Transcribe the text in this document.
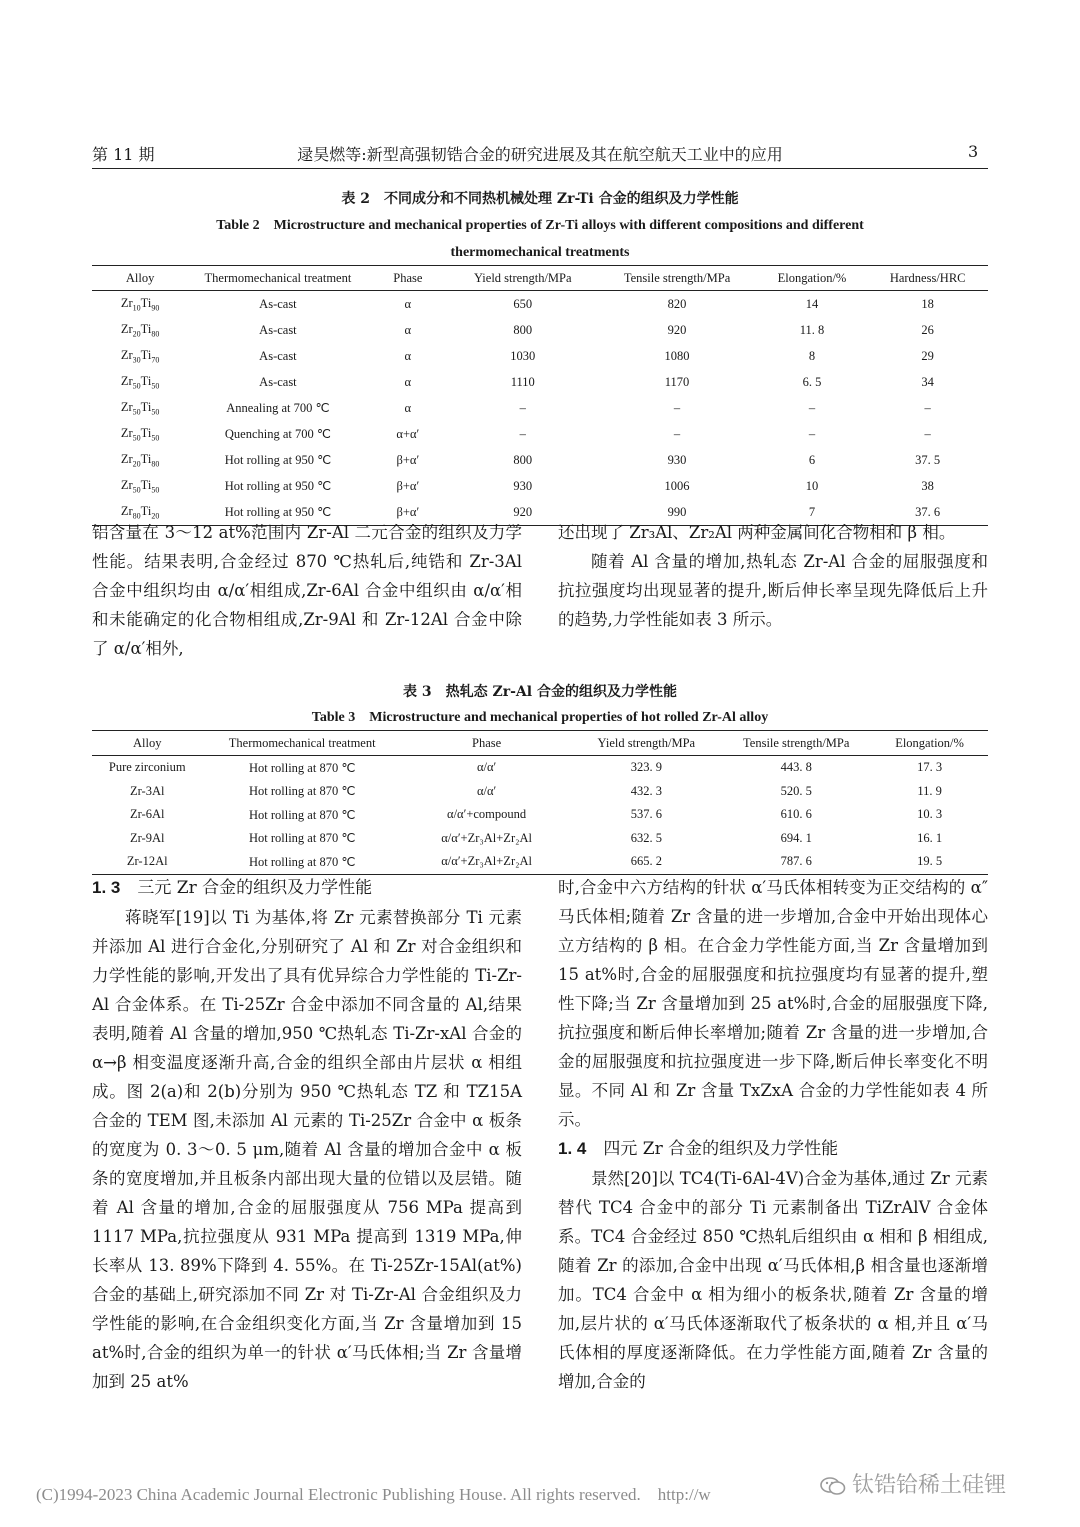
第 11 期	逯昊燃等:新型高强韧锆合金的研究进展及其在航空航天工业中的应用	3
表 2　不同成分和不同热机械处理 Zr-Ti 合金的组织及力学性能
Table 2　Microstructure and mechanical properties of Zr-Ti alloys with different compositions and different
thermomechanical treatments
Alloy	Thermomechanical treatment	Phase	Yield strength/MPa	Tensile strength/MPa	Elongation/%	Hardness/HRC
$Zr_{10}Ti_{90}$	As-cast	α	650	820	14	18
$Zr_{20}Ti_{80}$	As-cast	α	800	920	11. 8	26
$Zr_{30}Ti_{70}$	As-cast	α	1030	1080	8	29
$Zr_{50}Ti_{50}$	As-cast	α	1110	1170	6. 5	34
$Zr_{50}Ti_{50}$	Annealing at 700 ℃	α	–	–	–	–
$Zr_{50}Ti_{50}$	Quenching at 700 ℃	α+α′	–	–	–	–
$Zr_{20}Ti_{80}$	Hot rolling at 950 ℃	β+α′	800	930	6	37. 5
$Zr_{50}Ti_{50}$	Hot rolling at 950 ℃	β+α′	930	1006	10	38
$Zr_{80}Ti_{20}$	Hot rolling at 950 ℃	β+α′	920	990	7	37. 6

铝含量在 3～12 at%范围内 Zr-Al 二元合金的组织及力学性能。结果表明,合金经过 870 ℃热轧后,纯锆和 Zr-3Al 合金中组织均由 α/α′相组成,Zr-6Al 合金中组织由 α/α′相和未能确定的化合物相组成,Zr-9Al 和 Zr-12Al 合金中除了 α/α′相外,

还出现了 Zr₃Al、Zr₂Al 两种金属间化合物相和 β 相。

随着 Al 含量的增加,热轧态 Zr-Al 合金的屈服强度和抗拉强度均出现显著的提升,断后伸长率呈现先降低后上升的趋势,力学性能如表 3 所示。

表 3　热轧态 Zr-Al 合金的组织及力学性能
Table 3　Microstructure and mechanical properties of hot rolled Zr-Al alloy
Alloy	Thermomechanical treatment	Phase	Yield strength/MPa	Tensile strength/MPa	Elongation/%
Pure zirconium	Hot rolling at 870 ℃	α/α′	323. 9	443. 8	17. 3
Zr-3Al	Hot rolling at 870 ℃	α/α′	432. 3	520. 5	11. 9
Zr-6Al	Hot rolling at 870 ℃	α/α′+compound	537. 6	610. 6	10. 3
Zr-9Al	Hot rolling at 870 ℃	α/α′+Zr₃Al+Zr₂Al	632. 5	694. 1	16. 1
Zr-12Al	Hot rolling at 870 ℃	α/α′+Zr₃Al+Zr₂Al	665. 2	787. 6	19. 5

1. 3　 三元 Zr 合金的组织及力学性能

蒋晓军[19]以 Ti 为基体,将 Zr 元素替换部分 Ti 元素并添加 Al 进行合金化,分别研究了 Al 和 Zr 对合金组织和力学性能的影响,开发出了具有优异综合力学性能的 Ti-Zr-Al 合金体系。在 Ti-25Zr 合金中添加不同含量的 Al,结果表明,随着 Al 含量的增加,950 ℃热轧态 Ti-Zr-xAl 合金的 α→β 相变温度逐渐升高,合金的组织全部由片层状 α 相组成。图 2(a)和 2(b)分别为 950 ℃热轧态 TZ 和 TZ15A 合金的 TEM 图,未添加 Al 元素的 Ti-25Zr 合金中 α 板条的宽度为 0. 3～0. 5 μm,随着 Al 含量的增加合金中 α 板条的宽度增加,并且板条内部出现大量的位错以及层错。随着 Al 含量的增加,合金的屈服强度从 756 MPa 提高到 1117 MPa,抗拉强度从 931 MPa 提高到 1319 MPa,伸长率从 13. 89%下降到 4. 55%。在 Ti-25Zr-15Al(at%)合金的基础上,研究添加不同 Zr 对 Ti-Zr-Al 合金组织及力学性能的影响,在合金组织变化方面,当 Zr 含量增加到 15 at%时,合金的组织为单一的针状 α′马氏体相;当 Zr 含量增加到 25 at%

时,合金中六方结构的针状 α′马氏体相转变为正交结构的 α″马氏体相;随着 Zr 含量的进一步增加,合金中开始出现体心立方结构的 β 相。在合金力学性能方面,当 Zr 含量增加到 15 at%时,合金的屈服强度和抗拉强度均有显著的提升,塑性下降;当 Zr 含量增加到 25 at%时,合金的屈服强度下降,抗拉强度和断后伸长率增加;随着 Zr 含量的进一步增加,合金的屈服强度和抗拉强度进一步下降,断后伸长率变化不明显。不同 Al 和 Zr 含量 TxZxA 合金的力学性能如表 4 所示。

1. 4　 四元 Zr 合金的组织及力学性能

景然[20]以 TC4(Ti-6Al-4V)合金为基体,通过 Zr 元素替代 TC4 合金中的部分 Ti 元素制备出 TiZrAlV 合金体系。TC4 合金经过 850 ℃热轧后组织由 α 相和 β 相组成,随着 Zr 的添加,合金中出现 α′马氏体相,β 相含量也逐渐增加。TC4 合金中 α 相为细小的板条状,随着 Zr 含量的增加,层片状的 α′马氏体逐渐取代了板条状的 α 相,并且 α′马氏体相的厚度逐渐降低。在力学性能方面,随着 Zr 含量的增加,合金的

(C)1994-2023 China Academic Journal Electronic Publishing House. All rights reserved.　http://w	钛锆铪稀土硅锂
